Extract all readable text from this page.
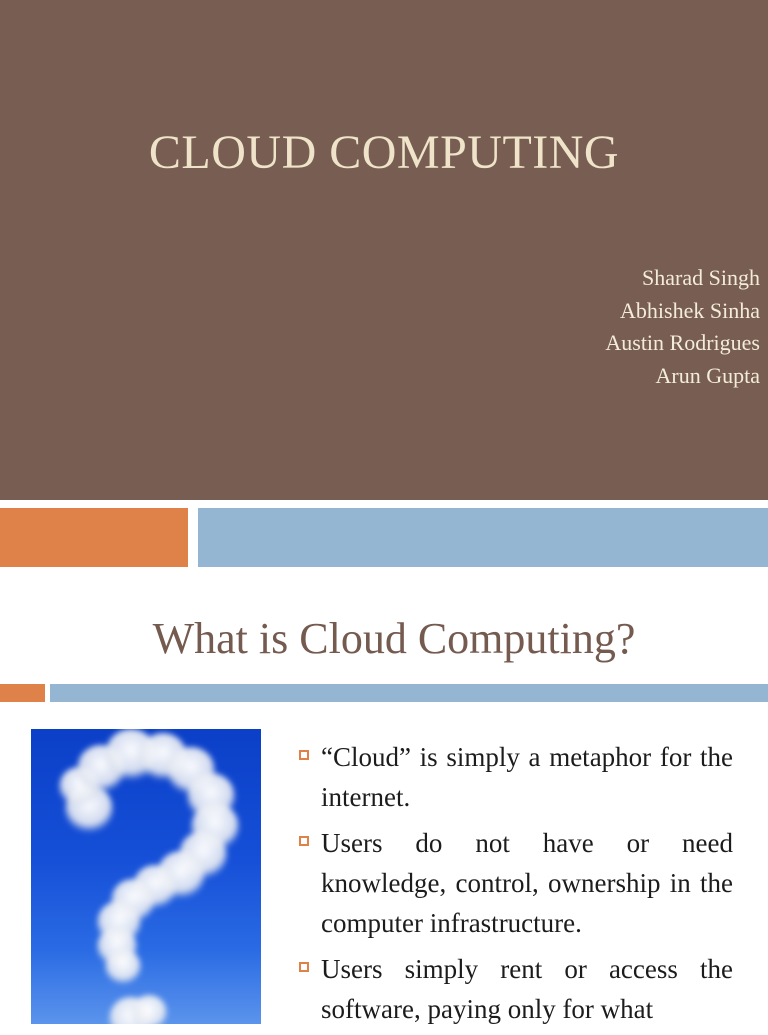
CLOUD COMPUTING
Sharad Singh
Abhishek Sinha
Austin Rodrigues
Arun Gupta
What is Cloud Computing?
“Cloud” is simply a metaphor for the internet.
Users do not have or need knowledge, control, ownership in the computer infrastructure.
Users simply rent or access the software, paying only for what
